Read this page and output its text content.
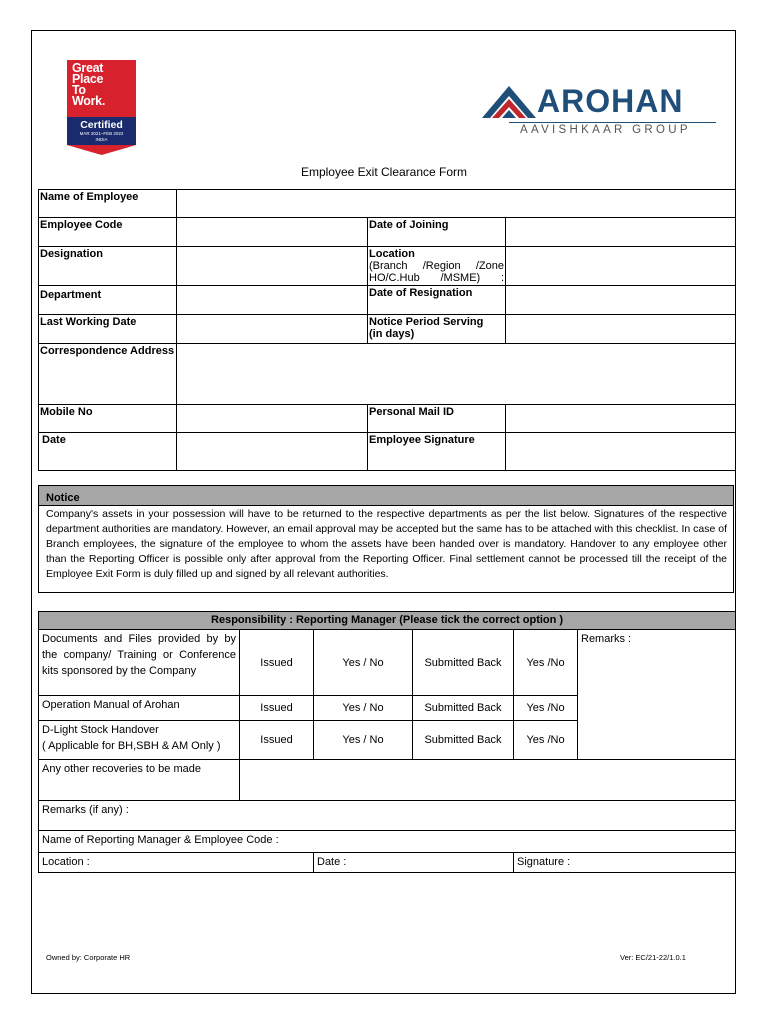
Great
Place
To
Work.
Certified
MAR 2021–FEB 2022
INDIA
AROHAN
AAVISHKAAR GROUP
Employee Exit Clearance Form
Name of Employee			
Employee Code		Date of Joining	
Designation		Location
(Branch /Region /Zone HO/C.Hub /MSME) :	

Department		Date of Resignation	
Last Working Date		Notice Period Serving
(in days)	

Correspondence Address			
Mobile No		Personal Mail ID	
Date		Employee Signature	
Notice
Company's assets in your possession will have to be returned to the respective departments as per the list below. Signatures of the respective department authorities are mandatory. However, an email approval may be accepted but the same has to be attached with this checklist. In case of Branch employees, the signature of the employee to whom the assets have been handed over is mandatory. Handover to any employee other than the Reporting Officer is possible only after approval from the Reporting Officer. Final settlement cannot be processed till the receipt of the Employee Exit Form is duly filled up and signed by all relevant authorities.
Responsibility : Reporting Manager (Please tick the correct option )					
Documents and Files provided by by the company/ Training or Conference kits sponsored by the Company	Issued	Yes / No	Submitted Back	Yes /No	Remarks :
Operation Manual of Arohan	Issued	Yes / No	Submitted Back	Yes /No	

D-Light Stock Handover
( Applicable for BH,SBH & AM Only )	Issued	Yes / No	Submitted Back	Yes /No	
Any other recoveries to be made					
Remarks (if any) :					
Name of Reporting Manager & Employee Code :					
Location :		Date :		Signature :	
Owned by: Corporate HR	Ver: EC/21-22/1.0.1
